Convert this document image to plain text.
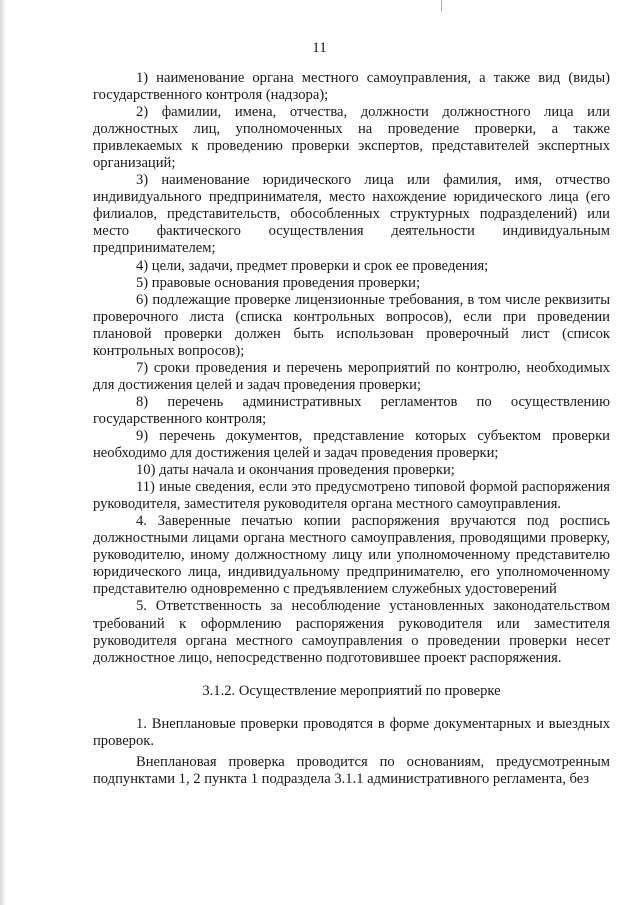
11

1) наименование органа местного самоуправления, а также вид (виды) государственного контроля (надзора);

2) фамилии, имена, отчества, должности должностного лица или должностных лиц, уполномоченных на проведение проверки, а также привлекаемых к проведению проверки экспертов, представителей экспертных организаций;

3) наименование юридического лица или фамилия, имя, отчество индивидуального предпринимателя, место нахождение юридического лица (его филиалов, представительств, обособленных структурных подразделений) или место фактического осуществления деятельности индивидуальным предпринимателем;

4) цели, задачи, предмет проверки и срок ее проведения;

5) правовые основания проведения проверки;

6) подлежащие проверке лицензионные требования, в том числе реквизиты проверочного листа (списка контрольных вопросов), если при проведении плановой проверки должен быть использован проверочный лист (список контрольных вопросов);

7) сроки проведения и перечень мероприятий по контролю, необходимых для достижения целей и задач проведения проверки;

8) перечень административных регламентов по осуществлению государственного контроля;

9) перечень документов, представление которых субъектом проверки необходимо для достижения целей и задач проведения проверки;

10) даты начала и окончания проведения проверки;

11) иные сведения, если это предусмотрено типовой формой распоряжения руководителя, заместителя руководителя органа местного самоуправления.

4. Заверенные печатью копии распоряжения вручаются под роспись должностными лицами органа местного самоуправления, проводящими проверку, руководителю, иному должностному лицу или уполномоченному представителю юридического лица, индивидуальному предпринимателю, его уполномоченному представителю одновременно с предъявлением служебных удостоверений

5. Ответственность за несоблюдение установленных законодательством требований к оформлению распоряжения руководителя или заместителя руководителя органа местного самоуправления о проведении проверки несет должностное лицо, непосредственно подготовившее проект распоряжения.

3.1.2. Осуществление мероприятий по проверке

1. Внеплановые проверки проводятся в форме документарных и выездных проверок.

Внеплановая проверка проводится по основаниям, предусмотренным подпунктами 1, 2 пункта 1 подраздела 3.1.1 административного регламента, без
